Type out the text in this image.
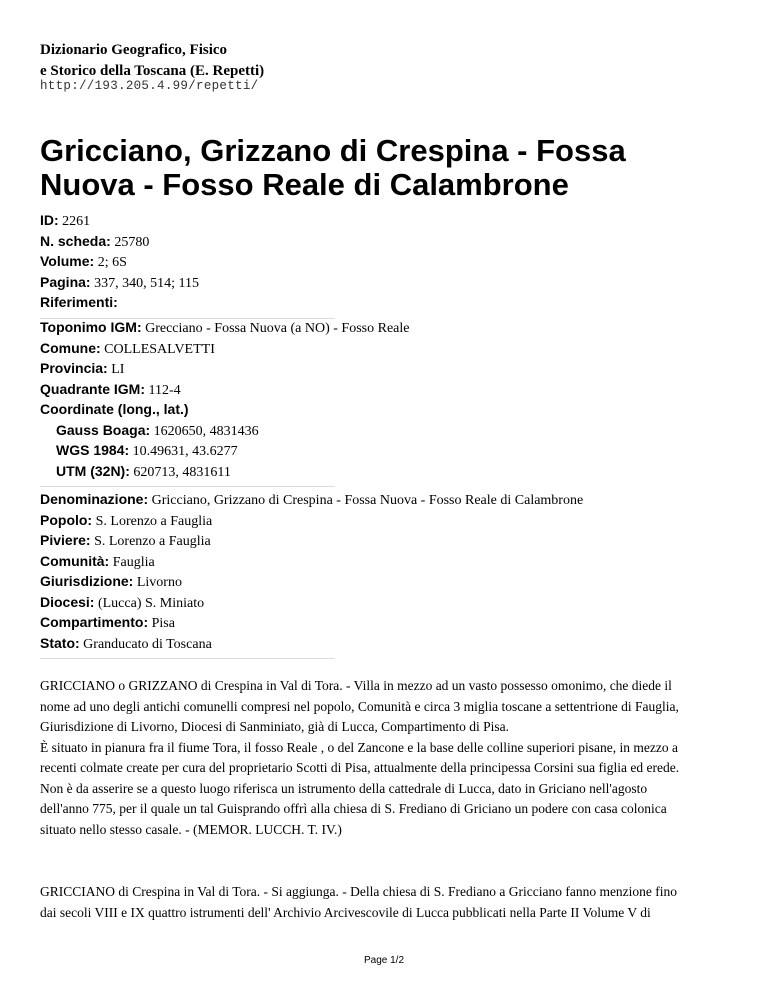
Dizionario Geografico, Fisico
e Storico della Toscana (E. Repetti)
http://193.205.4.99/repetti/
Gricciano, Grizzano di Crespina - Fossa
Nuova - Fosso Reale di Calambrone
ID: 2261
N. scheda: 25780
Volume: 2; 6S
Pagina: 337, 340, 514; 115
Riferimenti:
Toponimo IGM: Grecciano - Fossa Nuova (a NO) - Fosso Reale
Comune: COLLESALVETTI
Provincia: LI
Quadrante IGM: 112-4
Coordinate (long., lat.)
Gauss Boaga: 1620650, 4831436
WGS 1984: 10.49631, 43.6277
UTM (32N): 620713, 4831611
Denominazione: Gricciano, Grizzano di Crespina - Fossa Nuova - Fosso Reale di Calambrone
Popolo: S. Lorenzo a Fauglia
Piviere: S. Lorenzo a Fauglia
Comunità: Fauglia
Giurisdizione: Livorno
Diocesi: (Lucca) S. Miniato
Compartimento: Pisa
Stato: Granducato di Toscana

GRICCIANO o GRIZZANO di Crespina in Val di Tora. - Villa in mezzo ad un vasto possesso omonimo, che diede il

nome ad uno degli antichi comunelli compresi nel popolo, Comunità e circa 3 miglia toscane a settentrione di Fauglia,

Giurisdizione di Livorno, Diocesi di Sanminiato, già di Lucca, Compartimento di Pisa.

È situato in pianura fra il fiume Tora, il fosso Reale , o del Zancone e la base delle colline superiori pisane, in mezzo a

recenti colmate create per cura del proprietario Scotti di Pisa, attualmente della principessa Corsini sua figlia ed erede.

Non è da asserire se a questo luogo riferisca un istrumento della cattedrale di Lucca, dato in Griciano nell'agosto

dell'anno 775, per il quale un tal Guisprando offrì alla chiesa di S. Frediano di Griciano un podere con casa colonica

situato nello stesso casale. - (MEMOR. LUCCH. T. IV.)

GRICCIANO di Crespina in Val di Tora. - Si aggiunga. - Della chiesa di S. Frediano a Gricciano fanno menzione fino

dai secoli VIII e IX quattro istrumenti dell' Archivio Arcivescovile di Lucca pubblicati nella Parte II Volume V di

Page 1/2
